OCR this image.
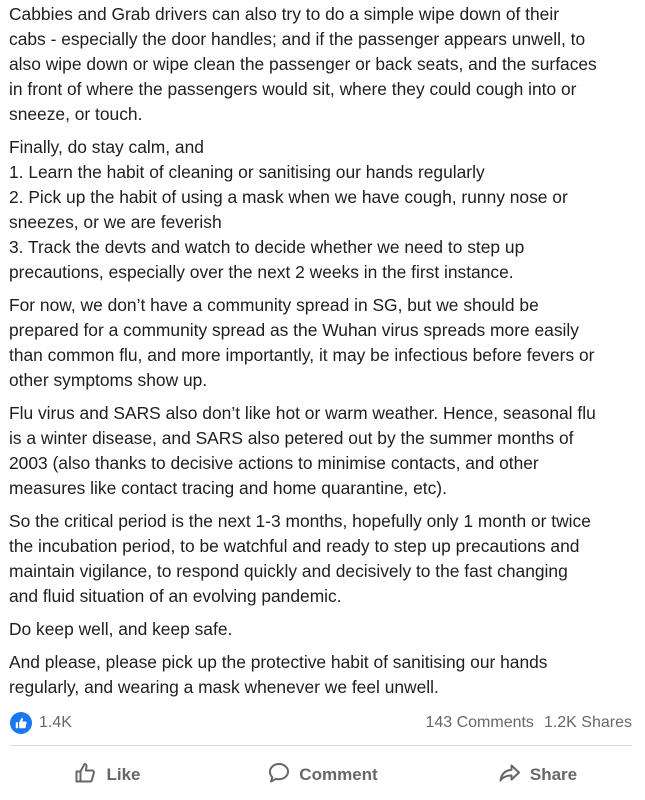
Cabbies and Grab drivers can also try to do a simple wipe down of their
cabs - especially the door handles; and if the passenger appears unwell, to
also wipe down or wipe clean the passenger or back seats, and the surfaces
in front of where the passengers would sit, where they could cough into or
sneeze, or touch.

Finally, do stay calm, and
1. Learn the habit of cleaning or sanitising our hands regularly
2. Pick up the habit of using a mask when we have cough, runny nose or
sneezes, or we are feverish
3. Track the devts and watch to decide whether we need to step up
precautions, especially over the next 2 weeks in the first instance.

For now, we don’t have a community spread in SG, but we should be
prepared for a community spread as the Wuhan virus spreads more easily
than common flu, and more importantly, it may be infectious before fevers or
other symptoms show up.

Flu virus and SARS also don’t like hot or warm weather. Hence, seasonal flu
is a winter disease, and SARS also petered out by the summer months of
2003 (also thanks to decisive actions to minimise contacts, and other
measures like contact tracing and home quarantine, etc).

So the critical period is the next 1-3 months, hopefully only 1 month or twice
the incubation period, to be watchful and ready to step up precautions and
maintain vigilance, to respond quickly and decisively to the fast changing
and fluid situation of an evolving pandemic.

Do keep well, and keep safe.

And please, please pick up the protective habit of sanitising our hands
regularly, and wearing a mask whenever we feel unwell.

1.4K	143 Comments 1.2K Shares
Like	Comment	Share
